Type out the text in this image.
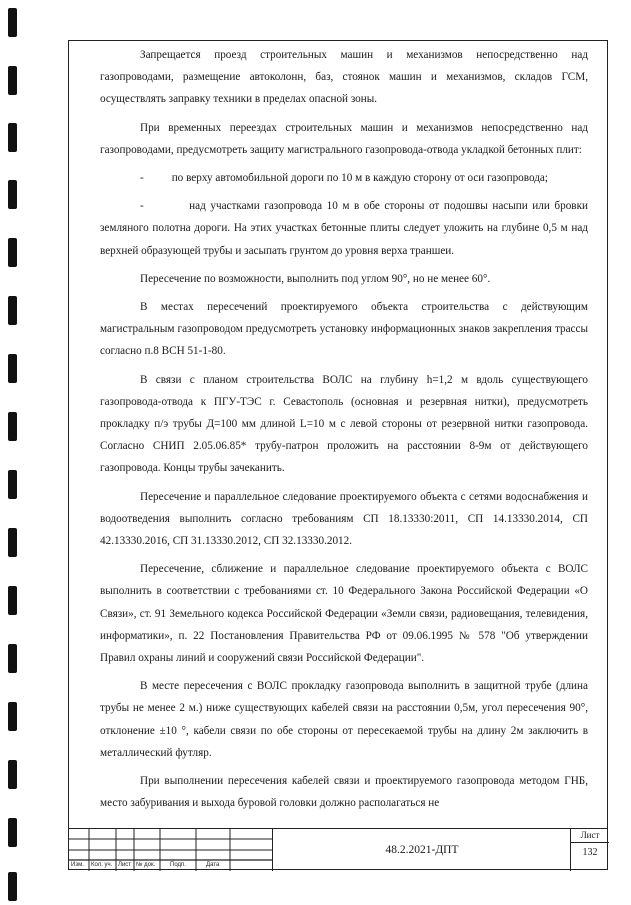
Запрещается проезд строительных машин и механизмов непосредственно над газопроводами, размещение автоколонн, баз, стоянок машин и механизмов, складов ГСМ, осуществлять заправку техники в пределах опасной зоны.

При временных переездах строительных машин и механизмов непосредственно над газопроводами, предусмотреть защиту магистрального газопровода-отвода укладкой бетонных плит:

-          по верху автомобильной дороги по 10 м в каждую сторону от оси газопровода;

-          над участками газопровода 10 м в обе стороны от подошвы насыпи или бровки земляного полотна дороги. На этих участках бетонные плиты следует уложить на глубине 0,5 м над верхней образующей трубы и засыпать грунтом до уровня верха траншеи.

Пересечение по возможности, выполнить под углом 90°, но не менее 60°.

В местах пересечений проектируемого объекта строительства с действующим магистральным газопроводом предусмотреть установку информационных знаков закрепления трассы согласно п.8 ВСН 51-1-80.

В связи с планом строительства ВОЛС на глубину h=1,2 м вдоль существующего газопровода-отвода к ПГУ-ТЭС г. Севастополь (основная и резервная нитки), предусмотреть прокладку п/э трубы Д=100 мм длиной L=10 м с левой стороны от резервной нитки газопровода. Согласно СНИП 2.05.06.85* трубу-патрон проложить на расстоянии 8-9м от действующего газопровода. Концы трубы зачеканить.

Пересечение и параллельное следование проектируемого объекта с сетями водоснабжения и водоотведения выполнить согласно требованиям СП 18.13330:2011, СП 14.13330.2014, СП 42.13330.2016, СП 31.13330.2012, СП 32.13330.2012.

Пересечение, сближение и параллельное следование проектируемого объекта с ВОЛС выполнить в соответствии с требованиями ст. 10 Федерального Закона Российской Федерации «О Связи», ст. 91 Земельного кодекса Российской Федерации «Земли связи, радиовещания, телевидения, информатики», п. 22 Постановления Правительства РФ от 09.06.1995 № 578 "Об утверждении Правил охраны линий и сооружений связи Российской Федерации".

В месте пересечения с ВОЛС прокладку газопровода выполнить в защитной трубе (длина трубы не менее 2 м.) ниже существующих кабелей связи на расстоянии 0,5м, угол пересечения 90°, отклонение ±10 °, кабели связи по обе стороны от пересекаемой трубы на длину 2м заключить в металлический футляр.

При выполнении пересечения кабелей связи и проектируемого газопровода методом ГНБ, место забуривания и выхода буровой головки должно располагаться не

Изм. Кол. уч. Лист № док. Подп.	Дата
48.2.2021-ДПТ
Лист
132
